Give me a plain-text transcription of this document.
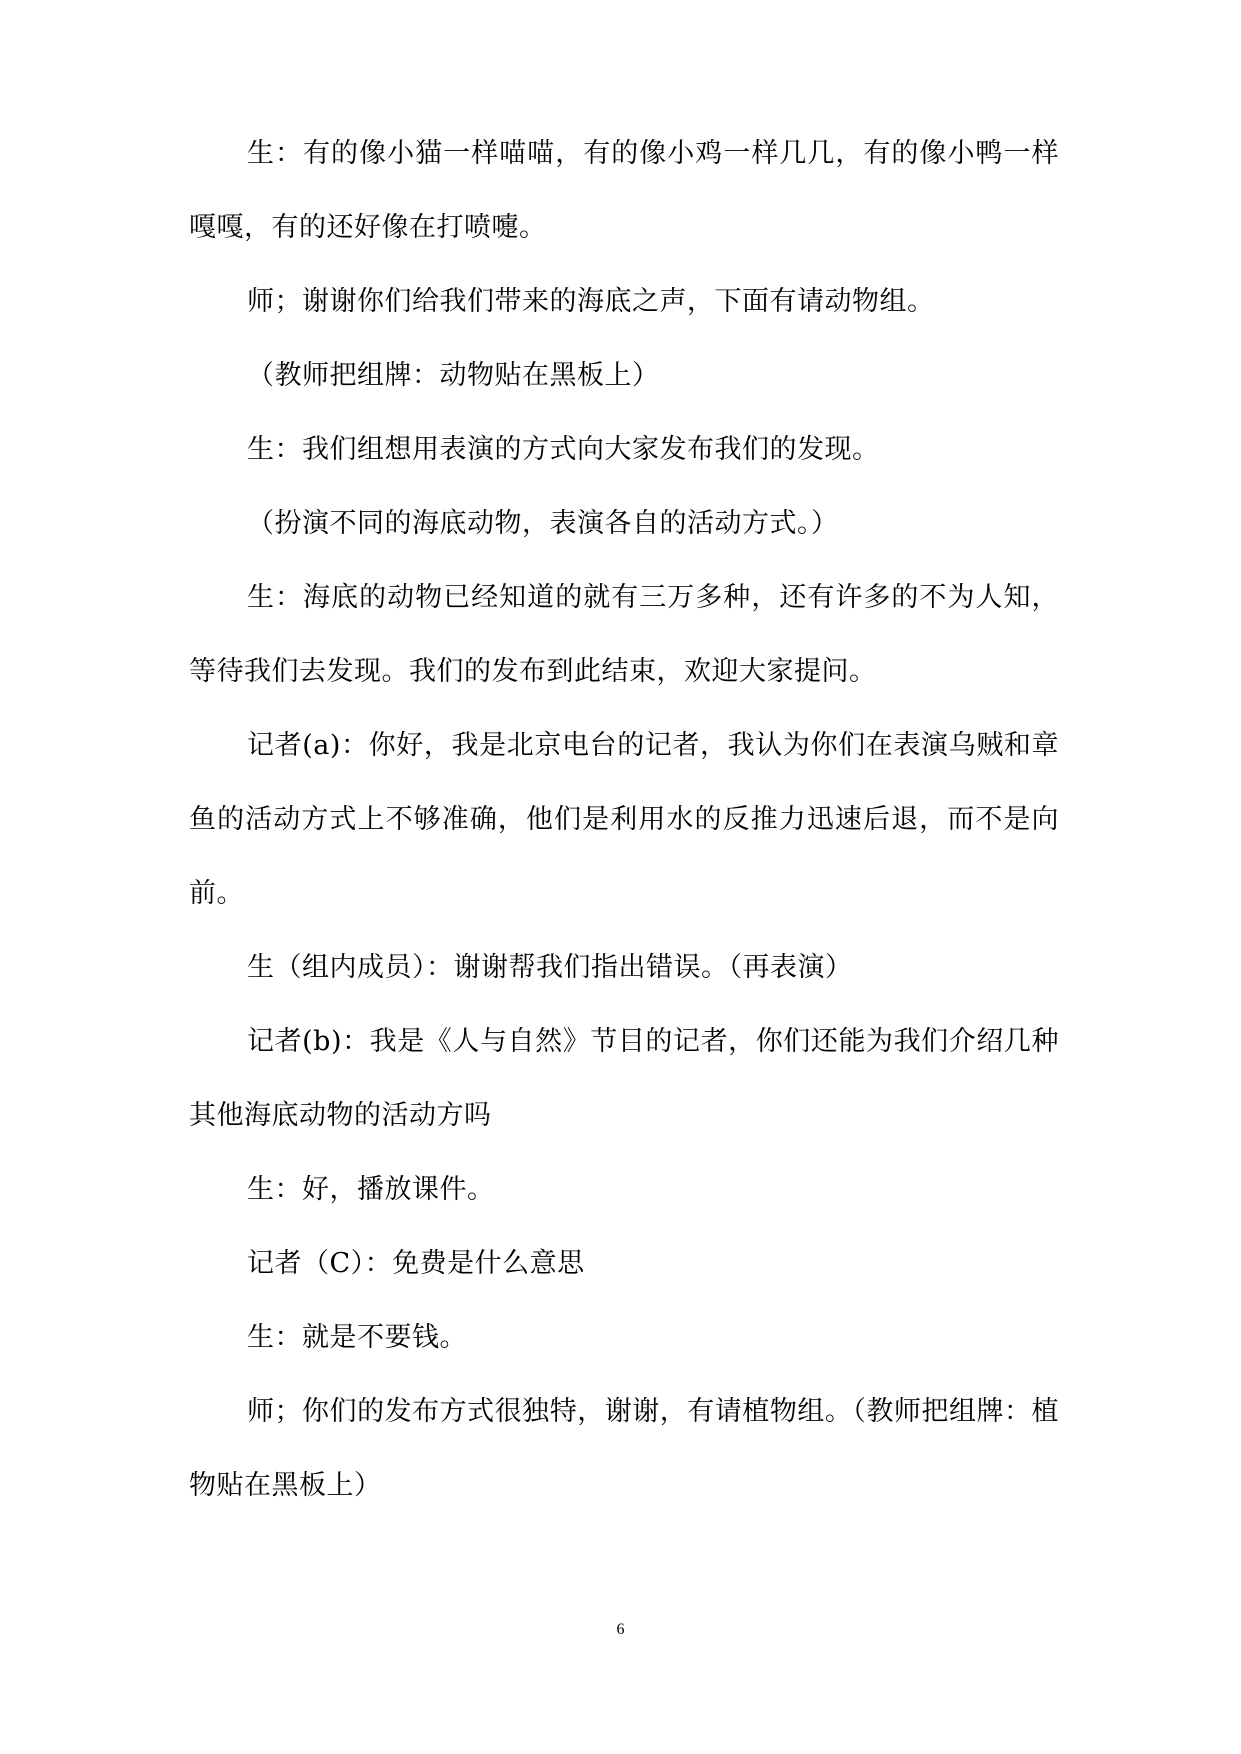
生：有的像小猫一样喵喵，有的像小鸡一样几几，有的像小鸭一样嘎嘎，有的还好像在打喷嚏。

师；谢谢你们给我们带来的海底之声，下面有请动物组。

（教师把组牌：动物贴在黑板上）

生：我们组想用表演的方式向大家发布我们的发现。

（扮演不同的海底动物，表演各自的活动方式。）

生：海底的动物已经知道的就有三万多种，还有许多的不为人知，等待我们去发现。我们的发布到此结束，欢迎大家提问。

记者(a)：你好，我是北京电台的记者，我认为你们在表演乌贼和章鱼的活动方式上不够准确，他们是利用水的反推力迅速后退，而不是向前。

生（组内成员）：谢谢帮我们指出错误。（再表演）

记者(b)：我是《人与自然》节目的记者，你们还能为我们介绍几种其他海底动物的活动方吗

生：好，播放课件。

记者（C）：免费是什么意思

生：就是不要钱。

师；你们的发布方式很独特，谢谢，有请植物组。（教师把组牌：植物贴在黑板上）

6
